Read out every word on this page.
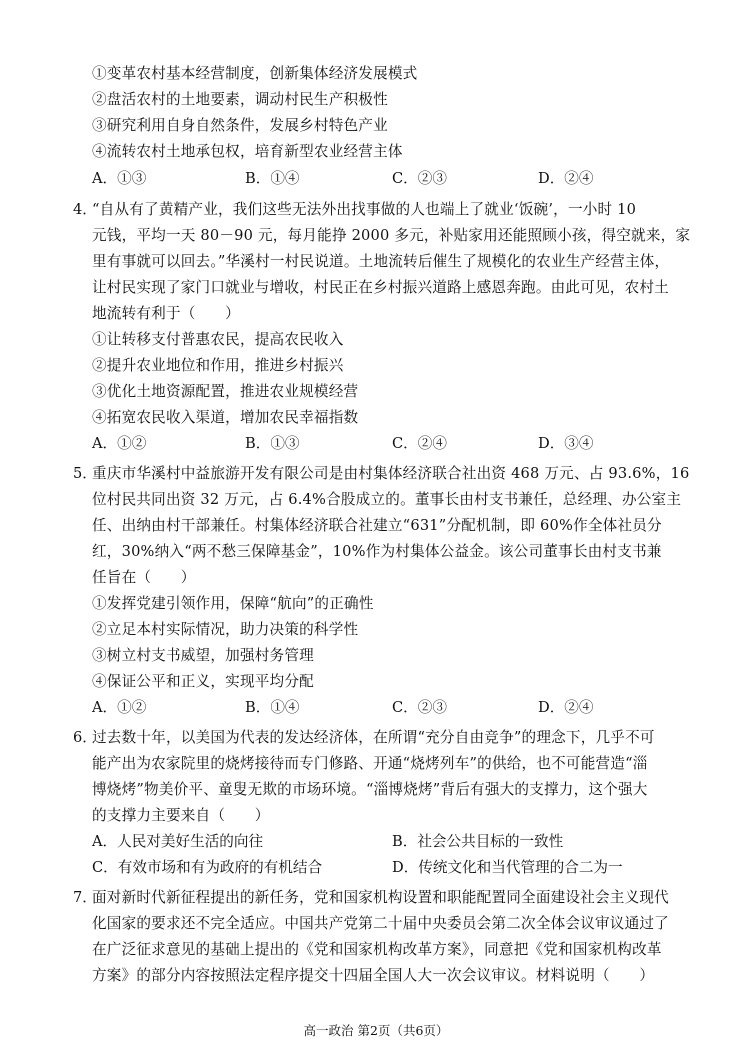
①变革农村基本经营制度，创新集体经济发展模式
②盘活农村的土地要素，调动村民生产积极性
③研究利用自身自然条件，发展乡村特色产业
④流转农村土地承包权，培育新型农业经营主体
A．①③	B．①④	C．②③	D．②④
4．
“自从有了黄精产业，我们这些无法外出找事做的人也端上了就业‘饭碗’，一小时 10
元钱，平均一天 80－90 元，每月能挣 2000 多元，补贴家用还能照顾小孩，得空就来，家
里有事就可以回去。”华溪村一村民说道。土地流转后催生了规模化的农业生产经营主体，
让村民实现了家门口就业与增收，村民正在乡村振兴道路上感恩奔跑。由此可见，农村土
地流转有利于（　　）
①让转移支付普惠农民，提高农民收入
②提升农业地位和作用，推进乡村振兴
③优化土地资源配置，推进农业规模经营
④拓宽农民收入渠道，增加农民幸福指数
A．①②	B．①③	C．②④	D．③④
5．
重庆市华溪村中益旅游开发有限公司是由村集体经济联合社出资 468 万元、占 93.6%，16
位村民共同出资 32 万元，占 6.4%合股成立的。董事长由村支书兼任，总经理、办公室主
任、出纳由村干部兼任。村集体经济联合社建立“631”分配机制，即 60%作全体社员分
红，30%纳入“两不愁三保障基金”，10%作为村集体公益金。该公司董事长由村支书兼
任旨在（　　）
①发挥党建引领作用，保障“航向”的正确性
②立足本村实际情况，助力决策的科学性
③树立村支书威望，加强村务管理
④保证公平和正义，实现平均分配
A．①②	B．①④	C．②③	D．②④
6．
过去数十年，以美国为代表的发达经济体，在所谓“充分自由竞争”的理念下，几乎不可
能产出为农家院里的烧烤接待而专门修路、开通“烧烤列车”的供给，也不可能营造“淄
博烧烤”物美价平、童叟无欺的市场环境。“淄博烧烤”背后有强大的支撑力，这个强大
的支撑力主要来自（　　）
A．人民对美好生活的向往	B．社会公共目标的一致性
C．有效市场和有为政府的有机结合	D．传统文化和当代管理的合二为一
7．
面对新时代新征程提出的新任务，党和国家机构设置和职能配置同全面建设社会主义现代
化国家的要求还不完全适应。中国共产党第二十届中央委员会第二次全体会议审议通过了
在广泛征求意见的基础上提出的《党和国家机构改革方案》，同意把《党和国家机构改革
方案》的部分内容按照法定程序提交十四届全国人大一次会议审议。材料说明（　　）
高一政治 第2页（共6页）
